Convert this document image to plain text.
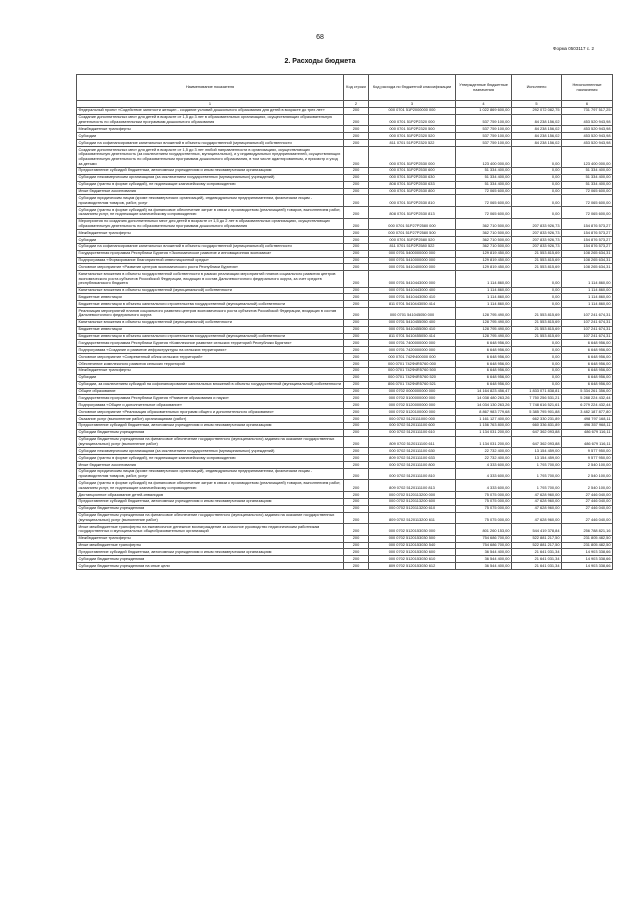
68
Форма 0503117 с. 2
2. Расходы бюджета
Наименование показателя	Код строки	Код расхода по бюджетной классификации	Утвержденные бюджетные назначения	Исполнено	Неисполненные назначения
1	2	3	4	5	6
Федеральный проект «Содействие занятости женщин - создание условий дошкольного образования для детей в возрасте до трех лет»	200	000 0701 51P2000000 000	1 022 869 600,00	292 072 082,75	731 797 517,25
Создание дополнительных мест для детей в возрасте от 1,5 до 3 лет в образовательных организациях, осуществляющих образовательную деятельность по образовательным программам дошкольного образования	200	000 0701 51P2P2320 000	537 759 100,00	84 238 156,02	453 520 943,98
Межбюджетные трансферты	200	000 0701 51P2P2320 500	537 759 100,00	84 238 156,02	453 520 943,98
Субсидии	200	000 0701 51P2P2320 520	537 759 100,00	84 238 156,02	453 520 943,98
Субсидии на софинансирование капитальных вложений в объекты государственной (муниципальной) собственности	200	811 0701 51P2P2320 522	537 759 100,00	84 238 156,02	453 520 943,98
Создание дополнительных мест для детей в возрасте от 1,5 до 3 лет любой направленности в организациях, осуществляющих образовательную деятельность (за исключением государственных, муниципальных), и у индивидуальных предпринимателей, осуществляющих образовательную деятельность по образовательным программам дошкольного образования, в том числе адаптированным, и присмотр и уход за детьми	200	000 0701 51P2P2530 000	123 400 000,00	0,00	123 400 000,00
Предоставление субсидий бюджетным, автономным учреждениям и иным некоммерческим организациям	200	000 0701 51P2P2530 600	51 334 400,00	0,00	51 334 400,00
Субсидии некоммерческим организациям (за исключением государственных (муниципальных) учреждений)	200	000 0701 51P2P2530 630	51 334 400,00	0,00	51 334 400,00
Субсидии (гранты в форме субсидий), не подлежащие казначейскому сопровождению	200	808 0701 51P2P2530 633	51 334 400,00	0,00	51 334 400,00
Иные бюджетные ассигнования	200	000 0701 51P2P2530 800	72 065 600,00	0,00	72 065 600,00
Субсидии юридическим лицам (кроме некоммерческих организаций), индивидуальным предпринимателям, физическим лицам - производителям товаров, работ, услуг	200	000 0701 51P2P2530 810	72 065 600,00	0,00	72 065 600,00
Субсидии (гранты в форме субсидий) на финансовое обеспечение затрат в связи с производством (реализацией) товаров, выполнением работ, оказанием услуг, не подлежащие казначейскому сопровождению	200	808 0701 51P2P2530 813	72 065 600,00	0,00	72 065 600,00
Мероприятия по созданию дополнительных мест для детей в возрасте от 1,5 до 2 лет в образовательных организациях, осуществляющих образовательную деятельность по образовательным программам дошкольного образования	200	000 0701 51P27P2580 000	362 710 500,00	207 833 926,73	154 876 573,27
Межбюджетные трансферты	200	000 0701 51P27P2580 500	362 710 500,00	207 833 926,73	154 876 573,27
Субсидии	200	000 0701 51P2P2580 520	362 710 500,00	207 833 926,73	154 876 573,27
Субсидии на софинансирование капитальных вложений в объекты государственной (муниципальной) собственности	200	811 0701 51P2P2580 522	362 710 500,00	207 833 926,73	154 876 573,27
Государственная программа Республики Бурятия «Экономическое развитие и инновационная экономика»	200	000 0701 5400000000 000	129 819 450,00	21 553 815,69	108 265 634,31
Подпрограмма «Формирование благоприятной инвестиционной среды»	200	000 0701 5410000000 000	129 819 450,00	21 553 815,69	108 265 634,31
Основное мероприятие «Развитие центров экономического роста Республики Бурятия»	200	000 0701 5410400000 000	129 819 450,00	21 553 815,69	108 265 634,31
Капитальные вложения в объекты государственной собственности в рамках реализации мероприятий планов социального развития центров экономического роста субъектов Российской Федерации, входящих в состав Дальневосточного федерального округа, за счет средств республиканского бюджета	200	000 0701 5410443000 000	1 114 860,00	0,00	1 114 860,00
Капитальные вложения в объекты государственной (муниципальной) собственности	200	000 0701 5410443000 400	1 114 860,00	0,00	1 114 860,00
Бюджетные инвестиции	200	000 0701 5410443050 410	1 114 860,00	0,00	1 114 860,00
Бюджетные инвестиции в объекты капитального строительства государственной (муниципальной) собственности	200	811 0701 5410443050 414	1 114 860,00	0,00	1 114 860,00
Реализация мероприятий планов социального развития центров экономического роста субъектов Российской Федерации, входящих в состав Дальневосточного федерального округа	200	000 0701 541045050 000	128 795 490,00	21 553 815,69	107 241 674,31
Капитальные вложения в объекты государственной (муниципальной) собственности	200	000 0701 5410455050 400	128 795 490,00	21 553 815,69	107 241 674,31
Бюджетные инвестиции	200	000 0701 5410455050 410	128 795 490,00	21 553 815,69	107 241 674,31
Бюджетные инвестиции в объекты капитального строительства государственной (муниципальной) собственности	200	811 0701 5410455050 414	128 795 490,00	21 553 815,69	107 241 674,31
Государственная программа Республики Бурятия «Комплексное развитие сельских территорий Республики Бурятия»	200	000 0701 7400000000 000	6 648 956,00	0,00	6 648 956,00
Подпрограмма «Создание и развитие инфраструктуры на сельских территориях»	200	000 0701 7420000000 000	6 648 956,00	0,00	6 648 956,00
Основное мероприятие «Современный облик сельских территорий»	200	000 0701 742Ф400000 000	6 648 956,00	0,00	6 648 956,00
Обеспечение комплексного развития сельских территорий	200	000 0701 742Ф4R5760 000	6 648 956,00	0,00	6 648 956,00
Межбюджетные трансферты	200	000 0701 742Ф4R5760 500	6 648 956,00	0,00	6 648 956,00
Субсидии	200	000 0701 742Ф4R5760 520	6 648 956,00	0,00	6 648 956,00
Субсидии, за исключением субсидий на софинансирование капитальных вложений в объекты государственной (муниципальной) собственности	200	806 0701 742Ф4R5760 521	6 648 956,00	0,00	6 648 956,00
Общее образование	200	000 0702 0000000000 000	14 164 823 456,47	1 833 071 838,81	5 334 261 356,00
Государственная программа Республики Бурятия «Развитие образования и науки»	200	000 0702 5100000000 000	14 038 480 263,26	7 750 256 531,21	5 288 224 432,44
Подпрограмма «Общее и дополнительное образование»	200	000 0702 5120000000 000	14 034 130 263,26	7 748 616 521,61	6 279 224 432,44
Основное мероприятие «Реализация образовательных программ общего и дополнительного образования»	200	000 0702 5120100000 000	8 867 983 779,68	5 385 795 901,88	3 482 187 877,80
Оказание услуг (выполнение работ) организациями (работ)	200	000 0702 5120111000 000	1 161 127 400,00	662 330 231,89	498 797 168,11
Предоставление субсидий бюджетным, автономным учреждениям и иным некоммерческим организациям	200	000 0702 5120111100 600	1 156 763 800,00	660 336 831,89	496 357 968,11
Субсидии бюджетным учреждениям	200	000 0702 5120111100 610	1 134 031 200,00	647 362 093,88	486 679 116,11
Субсидии бюджетным учреждениям на финансовое обеспечение государственного (муниципального) задания на оказание государственных (муниципальных) услуг (выполнение работ)	200	809 0702 5120111100 611	1 134 031 200,00	647 362 093,88	486 679 116,11
Субсидии некоммерческим организациям (за исключением государственных (муниципальных) учреждений)	200	000 0702 5120111100 630	22 732 400,00	13 154 459,00	9 577 950,00
Субсидии (гранты в форме субсидий), не подлежащие казначейскому сопровождению	200	809 0702 5120111100 633	22 732 400,00	13 154 459,00	9 577 950,00
Иные бюджетные ассигнования	200	000 0702 5120111100 800	4 333 600,00	1 793 700,00	2 540 100,00
Субсидии юридическим лицам (кроме некоммерческих организаций), индивидуальным предпринимателям, физическим лицам - производителям товаров, работ, услуг	200	000 0702 5120111100 810	4 333 600,00	1 793 700,00	2 540 100,00
Субсидии (гранты в форме субсидий) на финансовое обеспечение затрат в связи с производством (реализацией) товаров, выполнением работ, оказанием услуг, не подлежащие казначейскому сопровождению	200	809 0702 5120111100 813	4 333 600,00	1 793 700,00	2 540 100,00
Дистанционное образование детей-инвалидов	200	000 0702 5120113200 000	75 075 000,00	47 628 960,00	27 446 040,00
Предоставление субсидий бюджетным, автономным учреждениям и иным некоммерческим организациям	200	000 0702 5120113200 600	75 075 000,00	47 628 960,00	27 446 040,00
Субсидии бюджетным учреждениям	200	000 0702 5120113200 610	75 075 000,00	47 628 960,00	27 446 040,00
Субсидии бюджетным учреждениям на финансовое обеспечение государственного (муниципального) задания на оказание государственных (муниципальных) услуг (выполнение работ)	200	809 0702 5120113200 611	75 075 000,00	47 628 960,00	27 446 040,00
Иные межбюджетные трансферты на ежемесячное денежное вознаграждение за классное руководство педагогическим работникам государственных и муниципальных общеобразовательных организаций	200	000 0702 5120153030 000	801 260 153,00	544 419 378,84	256 788 821,16
Межбюджетные трансферты	200	000 0702 5120153030 500	754 686 700,00	522 881 217,50	231 805 482,50
Иные межбюджетные трансферты	200	000 0702 5120153030 540	754 686 700,00	522 881 217,50	231 805 482,50
Предоставление субсидий бюджетным, автономным учреждениям и иным некоммерческим организациям	200	000 0702 5120153030 600	36 544 400,00	21 641 031,34	14 903 338,66
Субсидии бюджетным учреждениям	200	000 0702 5120153030 610	36 544 400,00	21 641 031,34	14 903 338,66
Субсидии бюджетным учреждениям на иные цели	200	809 0702 5120153030 612	36 544 400,00	21 641 031,34	14 903 338,66
